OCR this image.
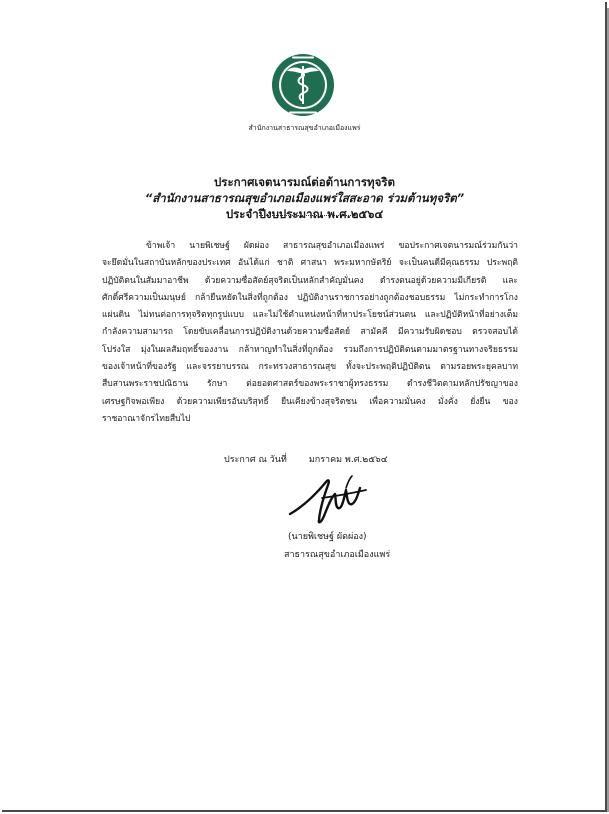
สำนักงานสาธารณสุขอำเภอเมืองแพร่
ประกาศเจตนารมณ์ต่อต้านการทุจริต
“สำนักงานสาธารณสุขอำเภอเมืองแพร่ใสสะอาด ร่วมต้านทุจริต”
ประจำปีงบประมาณ พ.ศ.๒๕๖๔
ข้าพเจ้า นายพิเชษฐ์ ผัดผ่อง สาธารณสุขอำเภอเมืองแพร่ ขอประกาศเจตนารมณ์ร่วมกันว่า
จะยึดมั่นในสถาบันหลักของประเทศ อันได้แก่ ชาติ ศาสนา พระมหากษัตริย์ จะเป็นคนดีมีคุณธรรม ประพฤติ
ปฏิบัติตนในสัมมาอาชีพ ด้วยความซื่อสัตย์สุจริตเป็นหลักสำคัญมั่นคง ดำรงตนอยู่ด้วยความมีเกียรติ และ
ศักดิ์ศรีความเป็นมนุษย์ กล้ายืนหยัดในสิ่งที่ถูกต้อง ปฏิบัติงานราชการอย่างถูกต้องชอบธรรม ไม่กระทำการโกง
แผ่นดิน ไม่ทนต่อการทุจริตทุกรูปแบบ และไม่ใช้ตำแหน่งหน้าที่หาประโยชน์ส่วนตน และปฏิบัติหน้าที่อย่างเต็ม
กำลังความสามารถ โดยขับเคลื่อนการปฏิบัติงานด้วยความซื่อสัตย์ สามัคคี มีความรับผิดชอบ ตรวจสอบได้
โปร่งใส มุ่งในผลสัมฤทธิ์ของงาน กล้าหาญทำในสิ่งที่ถูกต้อง รวมถึงการปฏิบัติตนตามมาตรฐานทางจริยธรรม
ของเจ้าหน้าที่ของรัฐ และจรรยาบรรณ กระทรวงสาธารณสุข ทั้งจะประพฤติปฏิบัติตน ตามรอยพระยุคลบาท
สืบสานพระราชปณิธาน รักษา ต่อยอดศาสตร์ของพระราชาผู้ทรงธรรม ดำรงชีวิตตามหลักปรัชญาของ
เศรษฐกิจพอเพียง ด้วยความเพียรอันบริสุทธิ์ ยืนเคียงข้างสุจริตชน เพื่อความมั่นคง มั่งคั่ง ยั่งยืน ของ
ราชอาณาจักรไทยสืบไป
ประกาศ ณ วันที่ มกราคม พ.ศ.๒๕๖๔
(นายพิเชษฐ์ ผัดผ่อง)
สาธารณสุขอำเภอเมืองแพร่
